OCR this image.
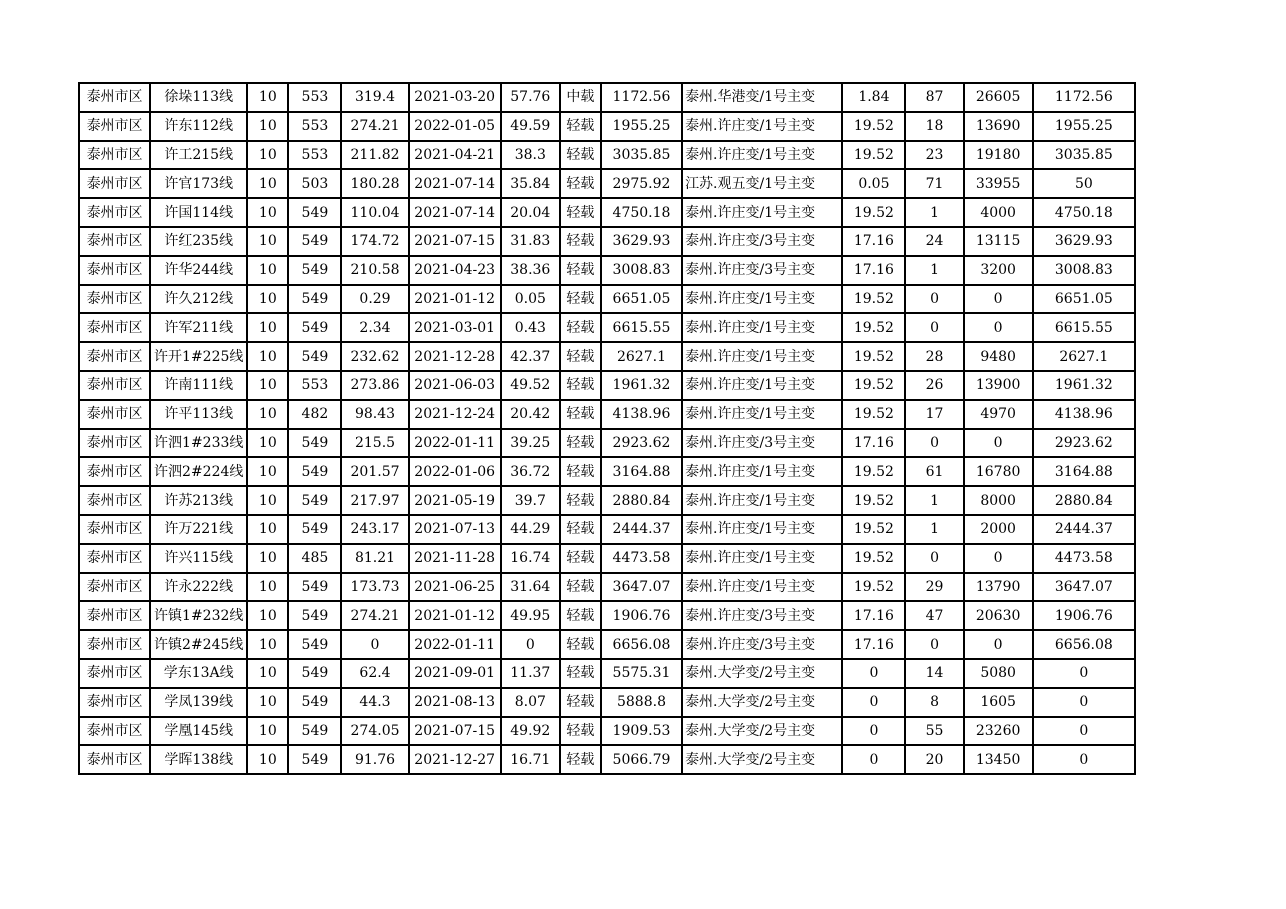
泰州市区	徐垛113线	10	553	319.4	2021-03-20	57.76	中载	1172.56	泰州.华港变/1号主变	1.84	87	26605	1172.56
泰州市区	许东112线	10	553	274.21	2022-01-05	49.59	轻载	1955.25	泰州.许庄变/1号主变	19.52	18	13690	1955.25
泰州市区	许工215线	10	553	211.82	2021-04-21	38.3	轻载	3035.85	泰州.许庄变/1号主变	19.52	23	19180	3035.85
泰州市区	许官173线	10	503	180.28	2021-07-14	35.84	轻载	2975.92	江苏.观五变/1号主变	0.05	71	33955	50
泰州市区	许国114线	10	549	110.04	2021-07-14	20.04	轻载	4750.18	泰州.许庄变/1号主变	19.52	1	4000	4750.18
泰州市区	许红235线	10	549	174.72	2021-07-15	31.83	轻载	3629.93	泰州.许庄变/3号主变	17.16	24	13115	3629.93
泰州市区	许华244线	10	549	210.58	2021-04-23	38.36	轻载	3008.83	泰州.许庄变/3号主变	17.16	1	3200	3008.83
泰州市区	许久212线	10	549	0.29	2021-01-12	0.05	轻载	6651.05	泰州.许庄变/1号主变	19.52	0	0	6651.05
泰州市区	许军211线	10	549	2.34	2021-03-01	0.43	轻载	6615.55	泰州.许庄变/1号主变	19.52	0	0	6615.55
泰州市区	许开1#225线	10	549	232.62	2021-12-28	42.37	轻载	2627.1	泰州.许庄变/1号主变	19.52	28	9480	2627.1
泰州市区	许南111线	10	553	273.86	2021-06-03	49.52	轻载	1961.32	泰州.许庄变/1号主变	19.52	26	13900	1961.32
泰州市区	许平113线	10	482	98.43	2021-12-24	20.42	轻载	4138.96	泰州.许庄变/1号主变	19.52	17	4970	4138.96
泰州市区	许泗1#233线	10	549	215.5	2022-01-11	39.25	轻载	2923.62	泰州.许庄变/3号主变	17.16	0	0	2923.62
泰州市区	许泗2#224线	10	549	201.57	2022-01-06	36.72	轻载	3164.88	泰州.许庄变/1号主变	19.52	61	16780	3164.88
泰州市区	许苏213线	10	549	217.97	2021-05-19	39.7	轻载	2880.84	泰州.许庄变/1号主变	19.52	1	8000	2880.84
泰州市区	许万221线	10	549	243.17	2021-07-13	44.29	轻载	2444.37	泰州.许庄变/1号主变	19.52	1	2000	2444.37
泰州市区	许兴115线	10	485	81.21	2021-11-28	16.74	轻载	4473.58	泰州.许庄变/1号主变	19.52	0	0	4473.58
泰州市区	许永222线	10	549	173.73	2021-06-25	31.64	轻载	3647.07	泰州.许庄变/1号主变	19.52	29	13790	3647.07
泰州市区	许镇1#232线	10	549	274.21	2021-01-12	49.95	轻载	1906.76	泰州.许庄变/3号主变	17.16	47	20630	1906.76
泰州市区	许镇2#245线	10	549	0	2022-01-11	0	轻载	6656.08	泰州.许庄变/3号主变	17.16	0	0	6656.08
泰州市区	学东13A线	10	549	62.4	2021-09-01	11.37	轻载	5575.31	泰州.大学变/2号主变	0	14	5080	0
泰州市区	学凤139线	10	549	44.3	2021-08-13	8.07	轻载	5888.8	泰州.大学变/2号主变	0	8	1605	0
泰州市区	学凰145线	10	549	274.05	2021-07-15	49.92	轻载	1909.53	泰州.大学变/2号主变	0	55	23260	0
泰州市区	学晖138线	10	549	91.76	2021-12-27	16.71	轻载	5066.79	泰州.大学变/2号主变	0	20	13450	0
